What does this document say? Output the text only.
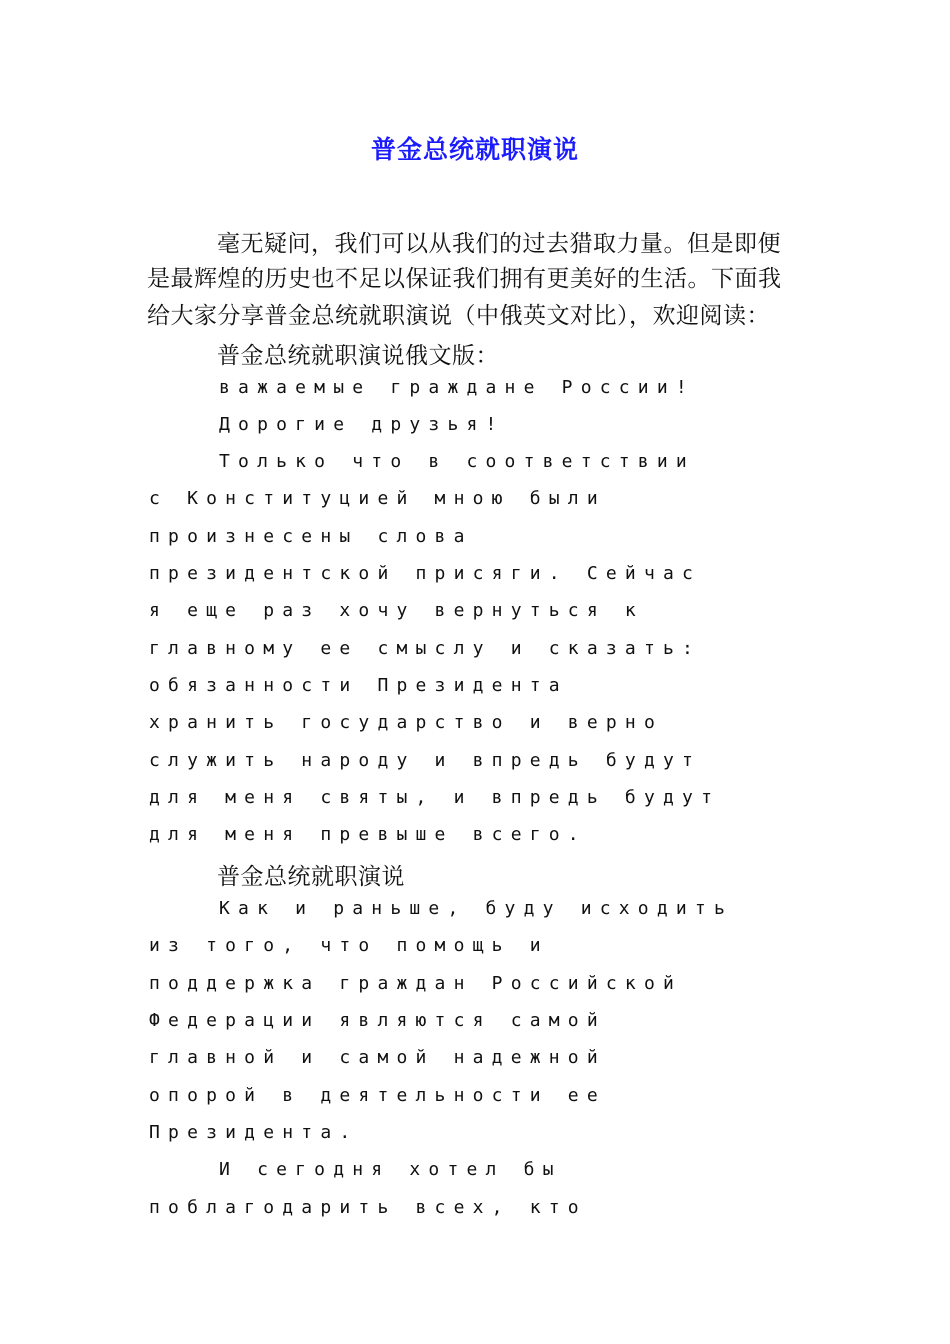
普金总统就职演说
毫无疑问，我们可以从我们的过去猎取力量。但是即便
是最辉煌的历史也不足以保证我们拥有更美好的生活。下面我
给大家分享普金总统就职演说（中俄英文对比），欢迎阅读：
普金总统就职演说俄文版：
важаемые граждане России!
Дорогие друзья!
Только что в соответствии
с Конституцией мною были
произнесены слова
президентской присяги. Сейчас
я еще раз хочу вернуться к
главному ее смыслу и сказать:
обязанности Президента
хранить государство и верно
служить народу и впредь будут
для меня святы, и впредь будут
для меня превыше всего.
普金总统就职演说
Как и раньше, буду исходить
из того, что помощь и
поддержка граждан Российской
Федерации являются самой
главной и самой надежной
опорой в деятельности ее
Президента.
И сегодня хотел бы
поблагодарить всех, кто
